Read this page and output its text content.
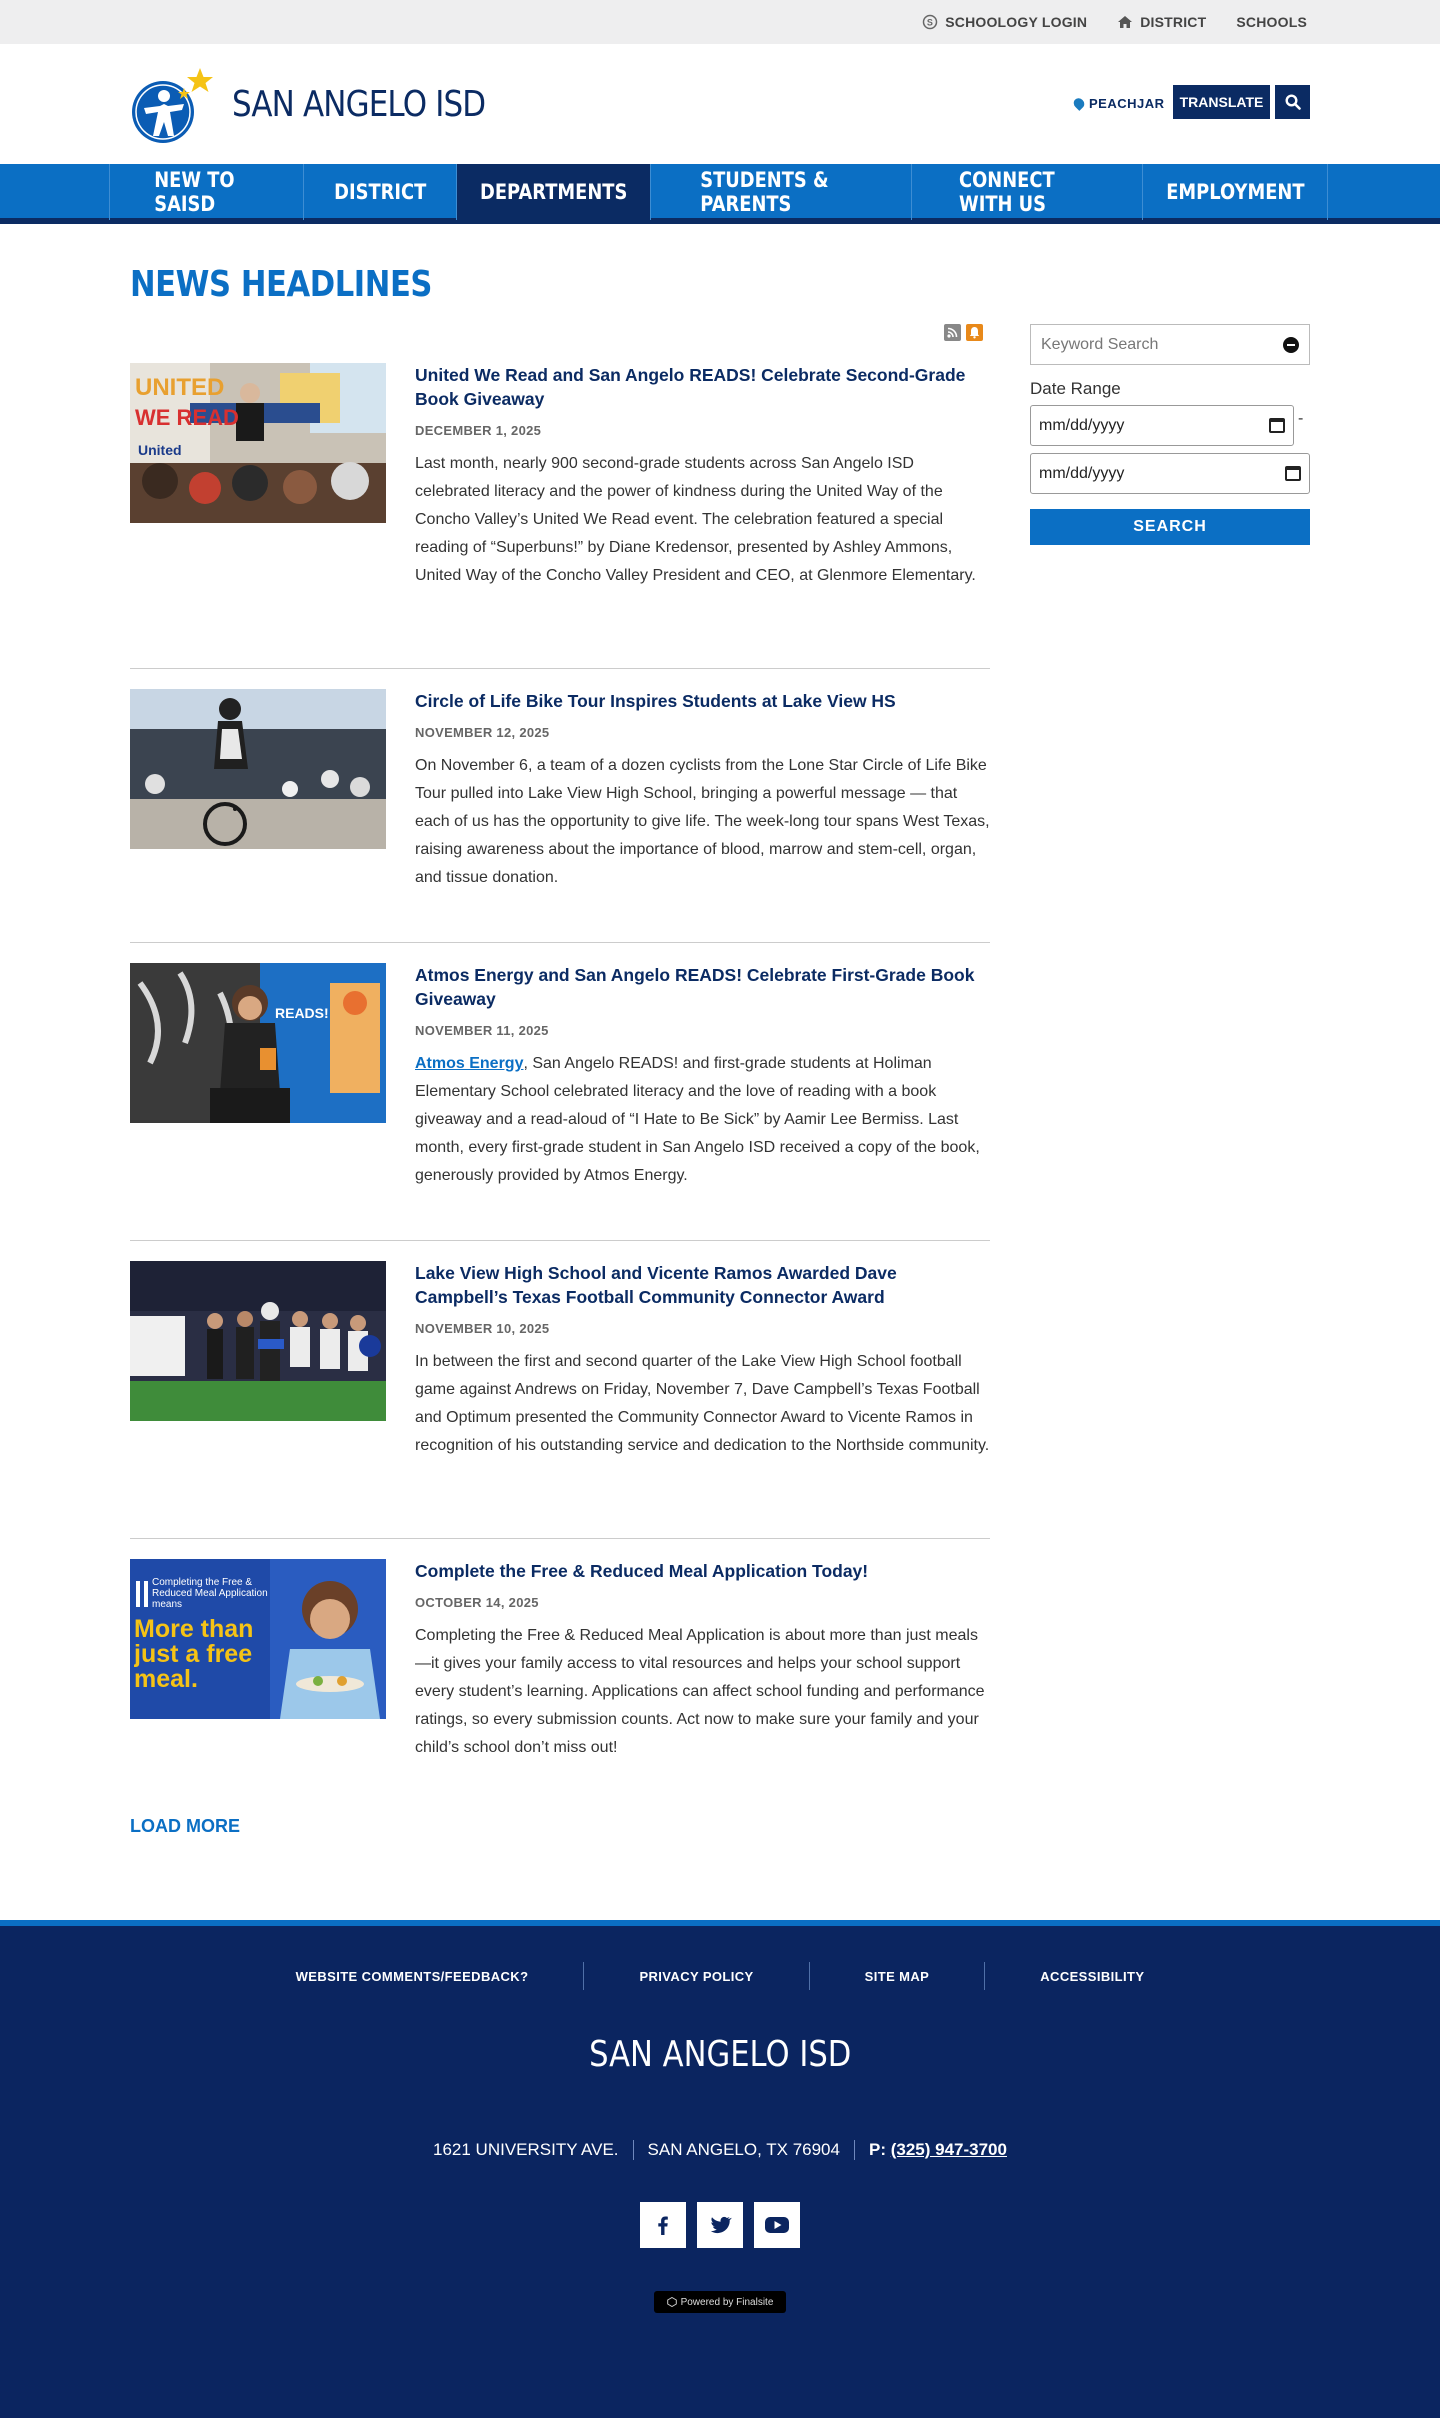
S SCHOOLOGY LOGIN	DISTRICT SCHOOLS
SAN ANGELO ISD	PEACHJAR	TRANSLATE
NEW TO SAISD	DISTRICT	DEPARTMENTS	STUDENTS & PARENTS
CONNECT WITH US	EMPLOYMENT
NEWS HEADLINES
UNITED
WE READ
United
United We Read and San Angelo READS! Celebrate Second-Grade Book Giveaway
DECEMBER 1, 2025

Last month, nearly 900 second-grade students across San Angelo ISD celebrated literacy and the power of kindness during the United Way of the Concho Valley’s United We Read event. The celebration featured a special reading of “Superbuns!” by Diane Kredensor, presented by Ashley Ammons, United Way of the Concho Valley President and CEO, at Glenmore Elementary.

Circle of Life Bike Tour Inspires Students at Lake View HS
NOVEMBER 12, 2025

On November 6, a team of a dozen cyclists from the Lone Star Circle of Life Bike Tour pulled into Lake View High School, bringing a powerful message — that each of us has the opportunity to give life. The week-long tour spans West Texas, raising awareness about the importance of blood, marrow and stem-cell, organ, and tissue donation.

READS!
Atmos Energy and San Angelo READS! Celebrate First-Grade Book Giveaway
NOVEMBER 11, 2025

Atmos Energy, San Angelo READS! and first-grade students at Holiman Elementary School celebrated literacy and the love of reading with a book giveaway and a read-aloud of “I Hate to Be Sick” by Aamir Lee Bermiss. Last month, every first-grade student in San Angelo ISD received a copy of the book, generously provided by Atmos Energy.

Lake View High School and Vicente Ramos Awarded Dave Campbell’s Texas Football Community Connector Award
NOVEMBER 10, 2025

In between the first and second quarter of the Lake View High School football game against Andrews on Friday, November 7, Dave Campbell’s Texas Football and Optimum presented the Community Connector Award to Vicente Ramos in recognition of his outstanding service and dedication to the Northside community.

Completing the Free & Reduced Meal Application means
More than just a free meal.
Complete the Free & Reduced Meal Application Today!
OCTOBER 14, 2025

Completing the Free & Reduced Meal Application is about more than just meals—it gives your family access to vital resources and helps your school support every student’s learning. Applications can affect school funding and performance ratings, so every submission counts. Act now to make sure your family and your child’s school don’t miss out!

LOAD MORE
Keyword Search
Date Range
mm/dd/yyyy	-
mm/dd/yyyy
SEARCH
WEBSITE COMMENTS/FEEDBACK?	PRIVACY POLICY	SITE MAP	ACCESSIBILITY
SAN ANGELO ISD
1621 UNIVERSITY AVE.	SAN ANGELO, TX 76904	P: (325) 947-3700
Powered by Finalsite
